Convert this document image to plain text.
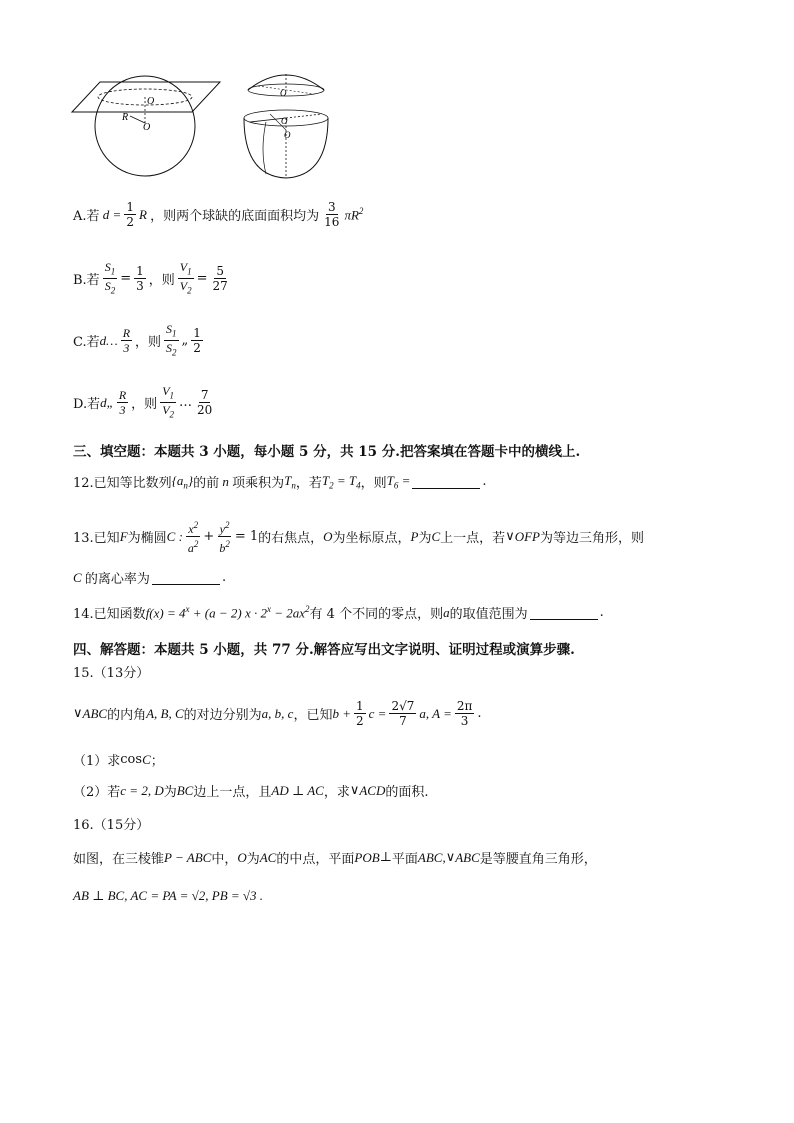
O
R
O
O
O
O
A.若 $d = \frac{1}{2}$ R ，则两个球缺的底面面积均为
3
16 $\pi R^2$
B.若 $\frac{S_1}{S_2} = \frac{1}{3}$ ，则 $\frac{V_1}{V_2} = \frac{5}{27}$
C.若 d… R
3 ，则
$S_1$
$S_2$
„ 1
2
D.若 d„ R
3 ，则
$V_1$
$V_2$
… 7
20
三、填空题：本题共 3 小题，每小题 5 分，共 15 分.把答案填在答题卡中的横线上.
12.已知等比数列 $\{a_n\}$ 的前 n 项乘积为 $T_n$ ，若 $T_2 = T_4$ ，则 $T_6$ =	.
13.已知 F 为椭圆 C : $x^2$
$a^2 + \frac{y^2}{b^2} = 1$ 的右焦点， O 为坐标原点， P 为 C 上一点，若 ∨ OFP 为等边三角形，则
C 的离心率为	.
14.已知函数 $f(x) = 4^x + (a - 2) x \cdot 2^x - 2ax^2$ 有 4 个不同的零点，则 a 的取值范围为	.
四、解答题：本题共 5 小题，共 77 分.解答应写出文字说明、证明过程或演算步骤.
15.（13分）
∨ ABC 的内角 A, B, C 的对边分别为 a, b, c ，已知 $b + \frac{1}{2}$ $c = \frac{2√7}{7} a$, $A = \frac{2\pi}{3}$ .
（1）求 cos C ；
（2）若 c = 2, D 为 BC 边上一点，且 AD ⊥ AC ，求 ∨ ACD 的面积.
16.（15分）
如图，在三棱锥 P − ABC 中， O 为 AC 的中点，平面 POB ⊥ 平面 ABC, ∨ ABC 是等腰直角三角形，
AB ⊥ BC, AC = PA = √2, PB = √3 .
